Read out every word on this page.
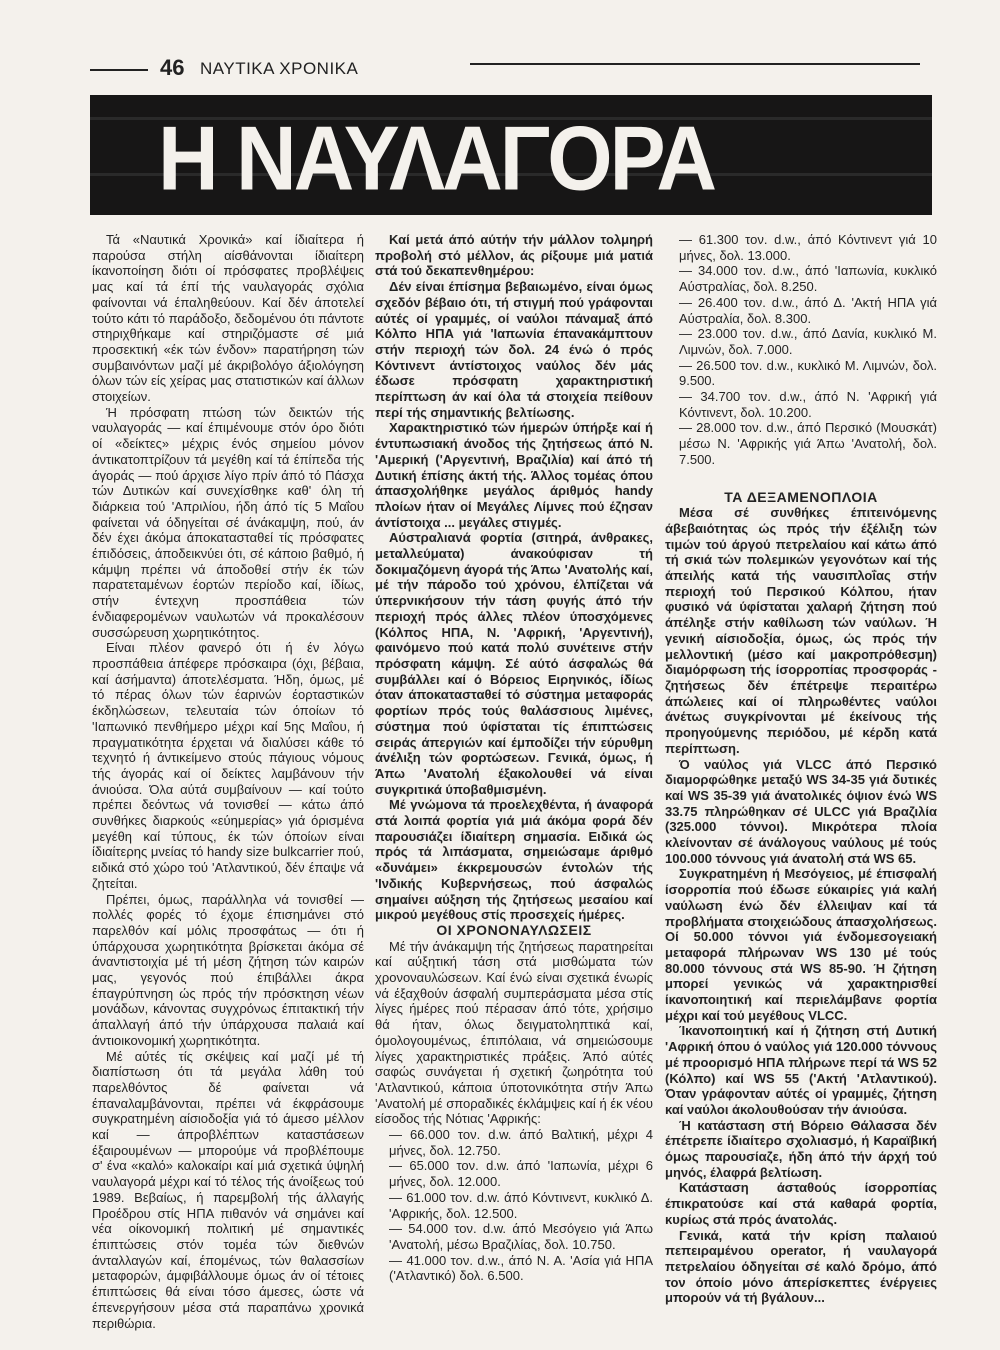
46 ΝΑΥΤΙΚΑ ΧΡΟΝΙΚΑ
Η ΝΑΥΛΑΓΟΡΑ

Τά «Ναυτικά Χρονικά» καί ίδιαίτερα ή παρούσα στήλη αίσθάνονται ίδιαίτερη ίκανοποίηση διότι οί πρόσφατες προβλέψεις μας καί τά έπί τής ναυλαγοράς σχόλια φαίνονται νά έπαληθεύουν. Καί δέν άποτελεί τούτο κάτι τό παράδοξο, δεδομένου ότι πάντοτε στηριχθήκαμε καί στηριζόμαστε σέ μιά προσεκτική «έκ τών ένδον» παρατήρηση τών συμβαινόντων μαζί μέ άκριβολόγο άξιολόγηση όλων τών είς χείρας μας στατιστικών καί άλλων στοιχείων.

Ή πρόσφατη πτώση τών δεικτών τής ναυλαγοράς — καί έπιμένουμε στόν όρο διότι οί «δείκτες» μέχρις ένός σημείου μόνον άντικατοπτρίζουν τά μεγέθη καί τά έπίπεδα τής άγοράς — πού άρχισε λίγο πρίν άπό τό Πάσχα τών Δυτικών καί συνεχίσθηκε καθ' όλη τή διάρκεια τού 'Απριλίου, ήδη άπό τίς 5 Μαΐου φαίνεται νά όδηγείται σέ άνάκαμψη, πού, άν δέν έχει άκόμα άποκατασταθεί τίς πρόσφατες έπιδόσεις, άποδεικνύει ότι, σέ κάποιο βαθμό, ή κάμψη πρέπει νά άποδοθεί στήν έκ τών παρατεταμένων έορτών περίοδο καί, ίδίως, στήν έντεχνη προσπάθεια τών ένδιαφερομένων ναυλωτών νά προκαλέσουν συσσώρευση χωρητικότητος.

Είναι πλέον φανερό ότι ή έν λόγω προσπάθεια άπέφερε πρόσκαιρα (όχι, βέβαια, καί άσήμαντα) άποτελέσματα. Ήδη, όμως, μέ τό πέρας όλων τών έαρινών έορταστικών έκδηλώσεων, τελευταία τών όποίων τό 'Ιαπωνικό πενθήμερο μέχρι καί 5ης Μαΐου, ή πραγματικότητα έρχεται νά διαλύσει κάθε τό τεχνητό ή άντικείμενο στούς πάγιους νόμους τής άγοράς καί οί δείκτες λαμβάνουν τήν άνιούσα. Όλα αύτά συμβαίνουν — καί τούτο πρέπει δεόντως νά τονισθεί — κάτω άπό συνθήκες διαρκούς «εύημερίας» γιά όρισμένα μεγέθη καί τύπους, έκ τών όποίων είναι ίδιαίτερης μνείας τό handy size bulkcarrier πού, ειδικά στό χώρο τού 'Ατλαντικού, δέν έπαψε νά ζητείται.

Πρέπει, όμως, παράλληλα νά τονισθεί — πολλές φορές τό έχομε έπισημάνει στό παρελθόν καί μόλις προσφάτως — ότι ή ύπάρχουσα χωρητικότητα βρίσκεται άκόμα σέ άναντιστοιχία μέ τή μέση ζήτηση τών καιρών μας, γεγονός πού έπιβάλλει άκρα έπαγρύπνηση ώς πρός τήν πρόσκτηση νέων μονάδων, κάνοντας συγχρόνως έπιτακτική τήν άπαλλαγή άπό τήν ύπάρχουσα παλαιά καί άντιοικονομική χωρητικότητα.

Μέ αύτές τίς σκέψεις καί μαζί μέ τή διαπίστωση ότι τά μεγάλα λάθη τού παρελθόντος δέ φαίνεται νά έπαναλαμβάνονται, πρέπει νά έκφράσουμε συγκρατημένη αίσιοδοξία γιά τό άμεσο μέλλον καί — άπροβλέπτων καταστάσεων έξαιρουμένων — μπορούμε νά προβλέπουμε σ' ένα «καλό» καλοκαίρι καί μιά σχετικά ύψηλή ναυλαγορά μέχρι καί τό τέλος τής άνοίξεως τού 1989. Βεβαίως, ή παρεμβολή τής άλλαγής Προέδρου στίς ΗΠΑ πιθανόν νά σημάνει καί νέα οίκονομική πολιτική μέ σημαντικές έπιπτώσεις στόν τομέα τών διεθνών άνταλλαγών καί, έπομένως, τών θαλασσίων μεταφορών, άμφιβάλλουμε όμως άν οί τέτοιες έπιπτώσεις θά είναι τόσο άμεσες, ώστε νά έπενεργήσουν μέσα στά παραπάνω χρονικά περιθώρια.

Καί μετά άπό αύτήν τήν μάλλον τολμηρή προβολή στό μέλλον, άς ρίξουμε μιά ματιά στά τού δεκαπενθημέρου:

Δέν είναι έπίσημα βεβαιωμένο, είναι όμως σχεδόν βέβαιο ότι, τή στιγμή πού γράφονται αύτές οί γραμμές, οί ναύλοι πάναμαξ άπό Κόλπο ΗΠΑ γιά 'Ιαπωνία έπανακάμπτουν στήν περιοχή τών δολ. 24 ένώ ό πρός Κόντινεντ άντίστοιχος ναύλος δέν μάς έδωσε πρόσφατη χαρακτηριστική περίπτωση άν καί όλα τά στοιχεία πείθουν περί τής σημαντικής βελτίωσης.

Χαρακτηριστικό τών ήμερών ύπήρξε καί ή έντυπωσιακή άνοδος τής ζητήσεως άπό Ν. 'Αμερική ('Αργεντινή, Βραζιλία) καί άπό τή Δυτική έπίσης άκτή τής. Άλλος τομέας όπου άπασχολήθηκε μεγάλος άριθμός handy πλοίων ήταν οί Μεγάλες Λίμνες πού έζησαν άντίστοιχα ... μεγάλες στιγμές.

Αύστραλιανά φορτία (σιτηρά, άνθρακες, μεταλλεύματα) άνακούφισαν τή δοκιμαζόμενη άγορά τής Άπω 'Ανατολής καί, μέ τήν πάροδο τού χρόνου, έλπίζεται νά ύπερνικήσουν τήν τάση φυγής άπό τήν περιοχή πρός άλλες πλέον ύποσχόμενες (Κόλπος ΗΠΑ, Ν. 'Αφρική, 'Αργεντινή), φαινόμενο πού κατά πολύ συνέτεινε στήν πρόσφατη κάμψη. Σέ αύτό άσφαλώς θά συμβάλλει καί ό Βόρειος Ειρηνικός, ίδίως όταν άποκατασταθεί τό σύστημα μεταφοράς φορτίων πρός τούς θαλάσσιους λιμένες, σύστημα πού ύφίσταται τίς έπιπτώσεις σειράς άπεργιών καί έμποδίζει τήν εύρυθμη άνέλιξη τών φορτώσεων. Γενικά, όμως, ή Άπω 'Ανατολή έξακολουθεί νά είναι συγκριτικά ύποβαθμισμένη.

Μέ γνώμονα τά προελεχθέντα, ή άναφορά στά λοιπά φορτία γιά μιά άκόμα φορά δέν παρουσιάζει ίδιαίτερη σημασία. Ειδικά ώς πρός τά λιπάσματα, σημειώσαμε άριθμό «δυνάμει» έκκρεμουσών έντολών τής 'Ινδικής Κυβερνήσεως, πού άσφαλώς σημαίνει αύξηση τής ζητήσεως μεσαίου καί μικρού μεγέθους στίς προσεχείς ήμέρες.

ΟΙ ΧΡΟΝΟΝΑΥΛΩΣΕΙΣ

Μέ τήν άνάκαμψη τής ζητήσεως παρατηρείται καί αύξητική τάση στά μισθώματα τών χρονοναυλώσεων. Καί ένώ είναι σχετικά ένωρίς νά έξαχθούν άσφαλή συμπεράσματα μέσα στίς λίγες ήμέρες πού πέρασαν άπό τότε, χρήσιμο θά ήταν, όλως δειγματοληπτικά καί, όμολογουμένως, έπιπόλαια, νά σημειώσουμε λίγες χαρακτηριστικές πράξεις. Άπό αύτές σαφώς συνάγεται ή σχετική ζωηρότητα τού 'Ατλαντικού, κάποια ύποτονικότητα στήν Άπω 'Ανατολή μέ σποραδικές έκλάμψεις καί ή έκ νέου είσοδος τής Νότιας 'Αφρικής:

— 66.000 τον. d.w. άπό Βαλτική, μέχρι 4 μήνες, δολ. 12.750.

— 65.000 τον. d.w. άπό 'Ιαπωνία, μέχρι 6 μήνες, δολ. 12.000.

— 61.000 τον. d.w. άπό Κόντινεντ, κυκλικό Δ. 'Αφρικής, δολ. 12.500.

— 54.000 τον. d.w. άπό Μεσόγειο γιά Άπω 'Ανατολή, μέσω Βραζιλίας, δολ. 10.750.

— 41.000 τον. d.w., άπό Ν. Α. 'Ασία γιά ΗΠΑ ('Ατλαντικό) δολ. 6.500.

— 61.300 τον. d.w., άπό Κόντινεντ γιά 10 μήνες, δολ. 13.000.

— 34.000 τον. d.w., άπό 'Ιαπωνία, κυκλικό Αύστραλίας, δολ. 8.250.

— 26.400 τον. d.w., άπό Δ. 'Ακτή ΗΠΑ γιά Αύστραλία, δολ. 8.300.

— 23.000 τον. d.w., άπό Δανία, κυκλικό Μ. Λιμνών, δολ. 7.000.

— 26.500 τον. d.w., κυκλικό Μ. Λιμνών, δολ. 9.500.

— 34.700 τον. d.w., άπό Ν. 'Αφρική γιά Κόντινεντ, δολ. 10.200.

— 28.000 τον. d.w., άπό Περσικό (Μουσκάτ) μέσω Ν. 'Αφρικής γιά Άπω 'Ανατολή, δολ. 7.500.

ΤΑ ΔΕΞΑΜΕΝΟΠΛΟΙΑ

Μέσα σέ συνθήκες έπιτεινόμενης άβεβαιότητας ώς πρός τήν έξέλιξη τών τιμών τού άργού πετρελαίου καί κάτω άπό τή σκιά τών πολεμικών γεγονότων καί τής άπειλής κατά τής ναυσιπλοΐας στήν περιοχή τού Περσικού Κόλπου, ήταν φυσικό νά ύφίσταται χαλαρή ζήτηση πού άπέληξε στήν καθίλωση τών ναύλων. Ή γενική αίσιοδοξία, όμως, ώς πρός τήν μελλοντική (μέσο καί μακροπρόθεσμη) διαμόρφωση τής ίσορροπίας προσφοράς - ζητήσεως δέν έπέτρεψε περαιτέρω άπώλειες καί οί πληρωθέντες ναύλοι άνέτως συγκρίνονται μέ έκείνους τής προηγούμενης περιόδου, μέ κέρδη κατά περίπτωση.

Ό ναύλος γιά VLCC άπό Περσικό διαμορφώθηκε μεταξύ WS 34-35 γιά δυτικές καί WS 35-39 γιά άνατολικές όψιον ένώ WS 33.75 πληρώθηκαν σέ ULCC γιά Βραζιλία (325.000 τόννοι). Μικρότερα πλοία κλείνονταν σέ άνάλογους ναύλους μέ τούς 100.000 τόννους γιά άνατολή στά WS 65.

Συγκρατημένη ή Μεσόγειος, μέ έπισφαλή ίσορροπία πού έδωσε εύκαιρίες γιά καλή ναύλωση ένώ δέν έλλειψαν καί τά προβλήματα στοιχειώδους άπασχολήσεως. Οί 50.000 τόννοι γιά ένδομεσογειακή μεταφορά πλήρωναν WS 130 μέ τούς 80.000 τόννους στά WS 85-90. Ή ζήτηση μπορεί γενικώς νά χαρακτηρισθεί ίκανοποιητική καί περιελάμβανε φορτία μέχρι καί τού μεγέθους VLCC.

Ίκανοποιητική καί ή ζήτηση στή Δυτική 'Αφρική όπου ό ναύλος γιά 120.000 τόννους μέ προορισμό ΗΠΑ πλήρωνε περί τά WS 52 (Κόλπο) καί WS 55 ('Ακτή 'Ατλαντικού). Όταν γράφονταν αύτές οί γραμμές, ζήτηση καί ναύλοι άκολουθούσαν τήν άνιούσα.

Ή κατάσταση στή Βόρειο Θάλασσα δέν έπέτρεπε ίδιαίτερο σχολιασμό, ή Καραϊβική όμως παρουσίαζε, ήδη άπό τήν άρχή τού μηνός, έλαφρά βελτίωση.

Κατάσταση άσταθούς ίσορροπίας έπικρατούσε καί στά καθαρά φορτία, κυρίως στά πρός άνατολάς.

Γενικά, κατά τήν κρίση παλαιού πεπειραμένου operator, ή ναυλαγορά πετρελαίου όδηγείται σέ καλό δρόμο, άπό τον όποίο μόνο άπερίσκεπτες ένέργειες μπορούν νά τή βγάλουν...
